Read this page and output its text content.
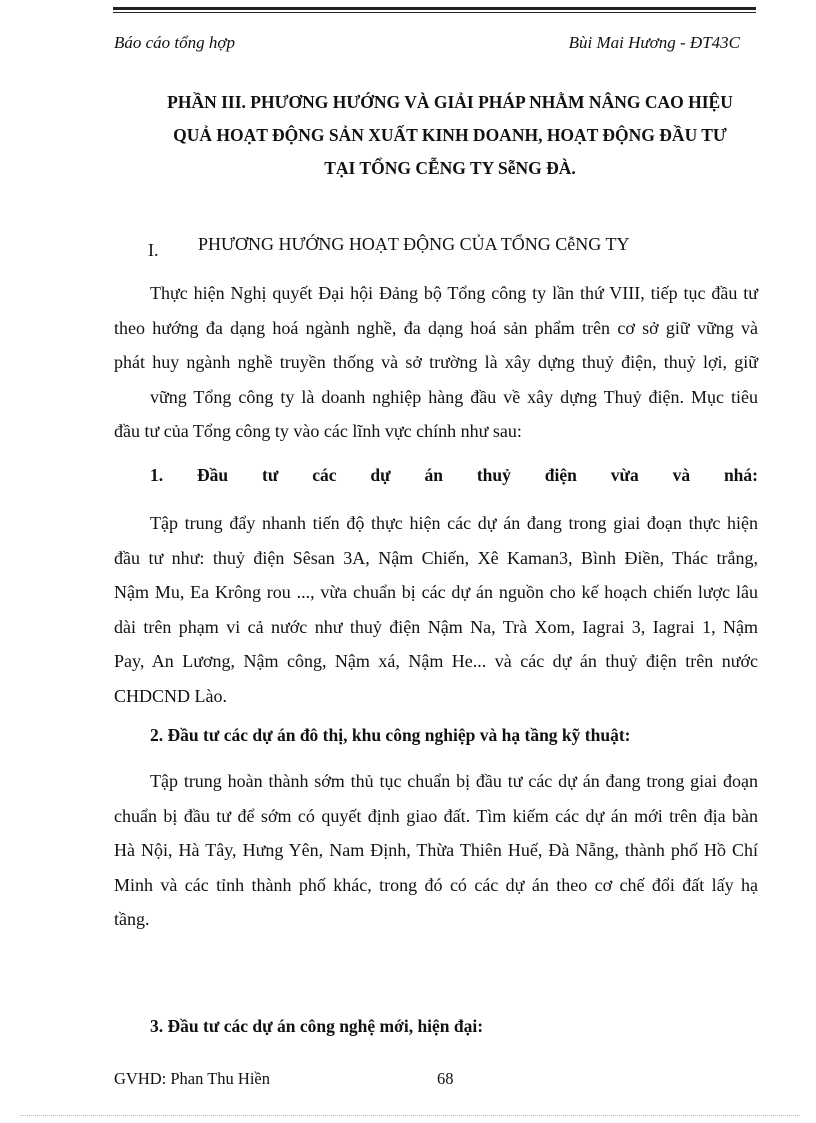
Báo cáo tổng hợp	Bùi Mai Hương - ĐT43C
PHẦN III. PHƯƠNG HƯỚNG VÀ GIẢI PHÁP NHẰM NÂNG CAO HIỆU
QUẢ HOẠT ĐỘNG SẢN XUẤT KINH DOANH, HOẠT ĐỘNG ĐẦU TƯ
TẠI TỔNG CỄNG TY SễNG ĐÀ.
I. PHƯƠNG HƯỚNG HOẠT ĐỘNG CỦA TỔNG CễNG TY
Thực hiện Nghị quyết Đại hội Đảng bộ Tổng công ty lần thứ VIII, tiếp tục đầu tư
theo hướng đa dạng hoá ngành nghề, đa dạng hoá sản phẩm trên cơ sở giữ vững và
phát huy ngành nghề truyền thống và sở trường là xây dựng thuỷ điện, thuỷ lợi, giữ
vững Tổng công ty là doanh nghiệp hàng đầu về xây dựng Thuỷ điện. Mục tiêu
đầu tư của Tổng công ty vào các lĩnh vực chính như sau:
1. Đầu tư các dự án thuỷ điện vừa và nhá:
Tập trung đẩy nhanh tiến độ thực hiện các dự án đang trong giai đoạn thực hiện
đầu tư như: thuỷ điện Sêsan 3A, Nậm Chiến, Xê Kaman3, Bình Điền, Thác trắng,
Nậm Mu, Ea Krông rou ..., vừa chuẩn bị các dự án nguồn cho kế hoạch chiến lược lâu
dài trên phạm vi cả nước như thuỷ điện Nậm Na, Trà Xom, Iagrai 3, Iagrai 1, Nậm
Pay, An Lương, Nậm công, Nậm xá, Nậm He... và các dự án thuỷ điện trên nước
CHDCND Lào.
2. Đầu tư các dự án đô thị, khu công nghiệp và hạ tầng kỹ thuật:
Tập trung hoàn thành sớm thủ tục chuẩn bị đầu tư các dự án đang trong giai đoạn
chuẩn bị đầu tư để sớm có quyết định giao đất. Tìm kiếm các dự án mới trên địa bàn
Hà Nội, Hà Tây, Hưng Yên, Nam Định, Thừa Thiên Huế, Đà Nẵng, thành phố Hồ Chí
Minh và các tỉnh thành phố khác, trong đó có các dự án theo cơ chế đổi đất lấy hạ
tầng.
3. Đầu tư các dự án công nghệ mới, hiện đại:
GVHD: Phan Thu Hiền	68
